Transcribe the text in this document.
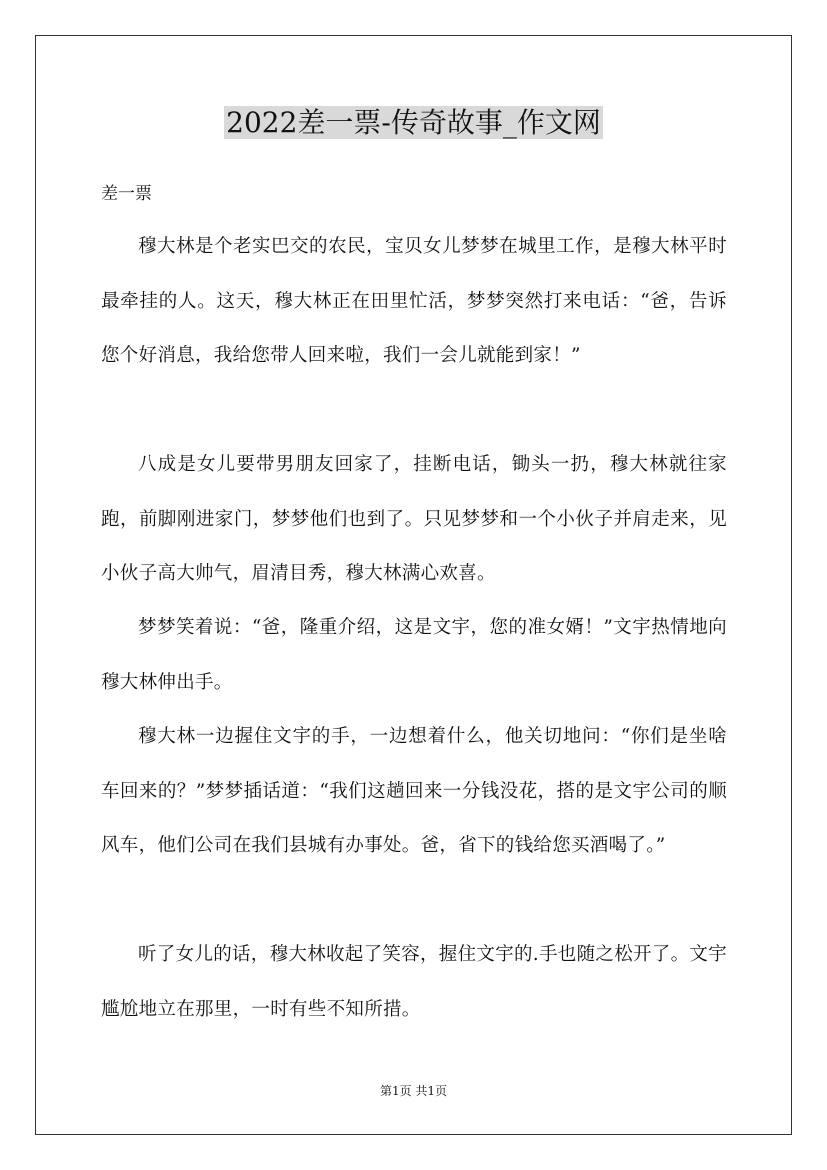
2022差一票-传奇故事_作文网
差一票

穆大林是个老实巴交的农民，宝贝女儿梦梦在城里工作，是穆大林平时最牵挂的人。这天，穆大林正在田里忙活，梦梦突然打来电话：“爸，告诉您个好消息，我给您带人回来啦，我们一会儿就能到家！”

八成是女儿要带男朋友回家了，挂断电话，锄头一扔，穆大林就往家跑，前脚刚进家门，梦梦他们也到了。只见梦梦和一个小伙子并肩走来，见小伙子高大帅气，眉清目秀，穆大林满心欢喜。

梦梦笑着说：“爸，隆重介绍，这是文宇，您的准女婿！”文宇热情地向穆大林伸出手。

穆大林一边握住文宇的手，一边想着什么，他关切地问：“你们是坐啥车回来的？”梦梦插话道：“我们这趟回来一分钱没花，搭的是文宇公司的顺风车，他们公司在我们县城有办事处。爸，省下的钱给您买酒喝了。”

听了女儿的话，穆大林收起了笑容，握住文宇的.手也随之松开了。文宇尴尬地立在那里，一时有些不知所措。

第1页 共1页
